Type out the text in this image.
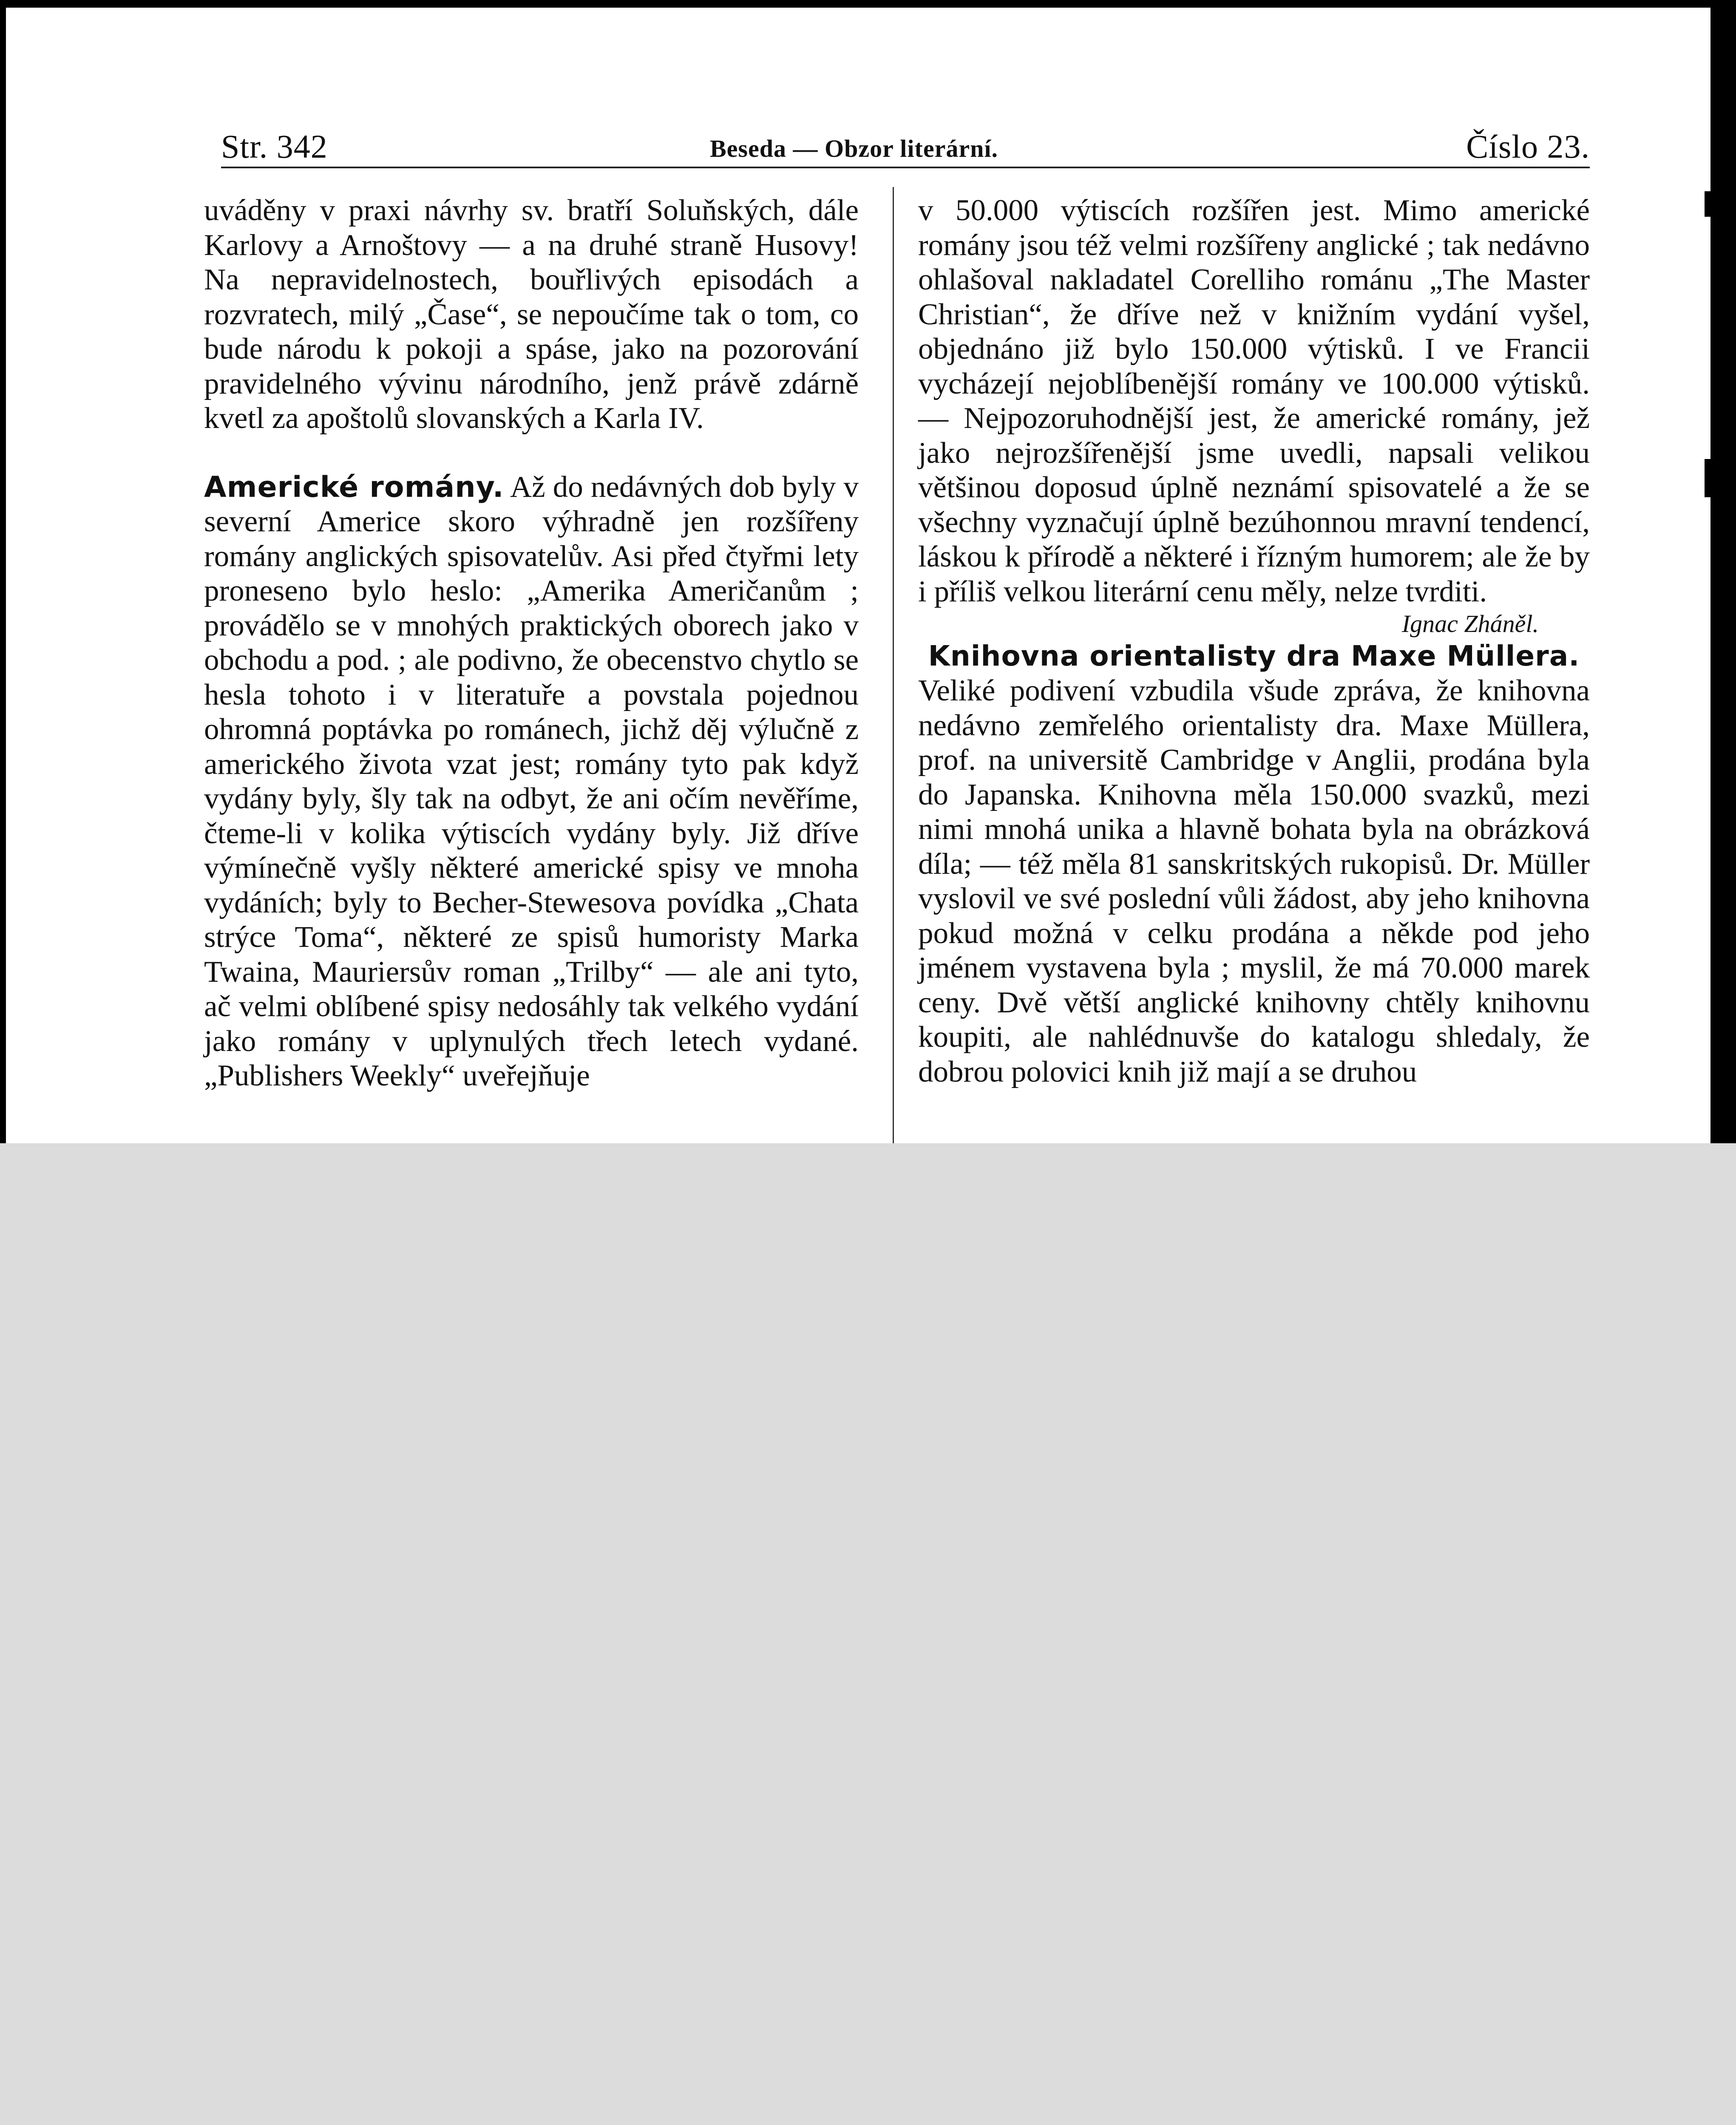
Str. 342	Beseda — Obzor literární.	Číslo 23.

uváděny v praxi návrhy sv. bratří Soluňských, dále Karlovy a Arnoštovy — a na druhé straně Husovy! Na nepravidelnostech, bouřlivých episodách a rozvratech, milý „Čase“, se nepoučíme tak o tom, co bude národu k pokoji a spáse, jako na pozorování pravidelného vývinu národního, jenž právě zdárně kvetl za apoštolů slovanských a Karla IV.

Americké romány. Až do nedávných dob byly v severní Americe skoro výhradně jen rozšířeny romány anglických spisovatelův. Asi před čtyřmi lety proneseno bylo heslo: „Amerika Američanům ; provádělo se v mnohých praktických oborech jako v obchodu a pod. ; ale podivno, že obecenstvo chytlo se hesla tohoto i v literatuře a povstala pojednou ohromná poptávka po románech, jichž děj výlučně z amerického života vzat jest; romány tyto pak když vydány byly, šly tak na odbyt, že ani očím nevěříme, čteme-li v kolika výtiscích vydány byly. Již dříve výmínečně vyšly některé americké spisy ve mnoha vydáních; byly to Becher-Stewesova povídka „Chata strýce Toma“, některé ze spisů humoristy Marka Twaina, Mauriersův roman „Trilby“ — ale ani tyto, ač velmi oblíbené spisy nedosáhly tak velkého vydání jako romány v uplynulých třech letech vydané. „Publishers Weekly“ uveřejňuje

v 50.000 výtiscích rozšířen jest. Mimo americké romány jsou též velmi rozšířeny anglické ; tak nedávno ohlašoval nakladatel Corelliho románu „The Master Christian“, že dříve než v knižním vydání vyšel, objednáno již bylo 150.000 výtisků. I ve Francii vycházejí nejoblíbenější romány ve 100.000 výtisků. — Nejpozoruhodnější jest, že americké romány, jež jako nejrozšířenější jsme uvedli, napsali velikou většinou doposud úplně neznámí spisovatelé a že se všechny vyznačují úplně bezúhonnou mravní tendencí, láskou k přírodě a některé i řízným humorem; ale že by i příliš velkou literární cenu měly, nelze tvrditi.

Ignac Zháněl.
Knihovna orientalisty dra Maxe Müllera.

Veliké podivení vzbudila všude zpráva, že knihovna nedávno zemřelého orientalisty dra. Maxe Müllera, prof. na universitě Cambridge v Anglii, prodána byla do Japanska. Knihovna měla 150.000 svazků, mezi nimi mnohá unika a hlavně bohata byla na obrázková díla; — též měla 81 sanskritských rukopisů. Dr. Müller vyslovil ve své poslední vůli žádost, aby jeho knihovna pokud možná v celku prodána a někde pod jeho jménem vystavena byla ; myslil, že má 70.000 marek ceny. Dvě větší anglické knihovny chtěly knihovnu koupiti, ale nahlédnuvše do katalogu shledaly, že dobrou polovici knih již mají a se druhou
